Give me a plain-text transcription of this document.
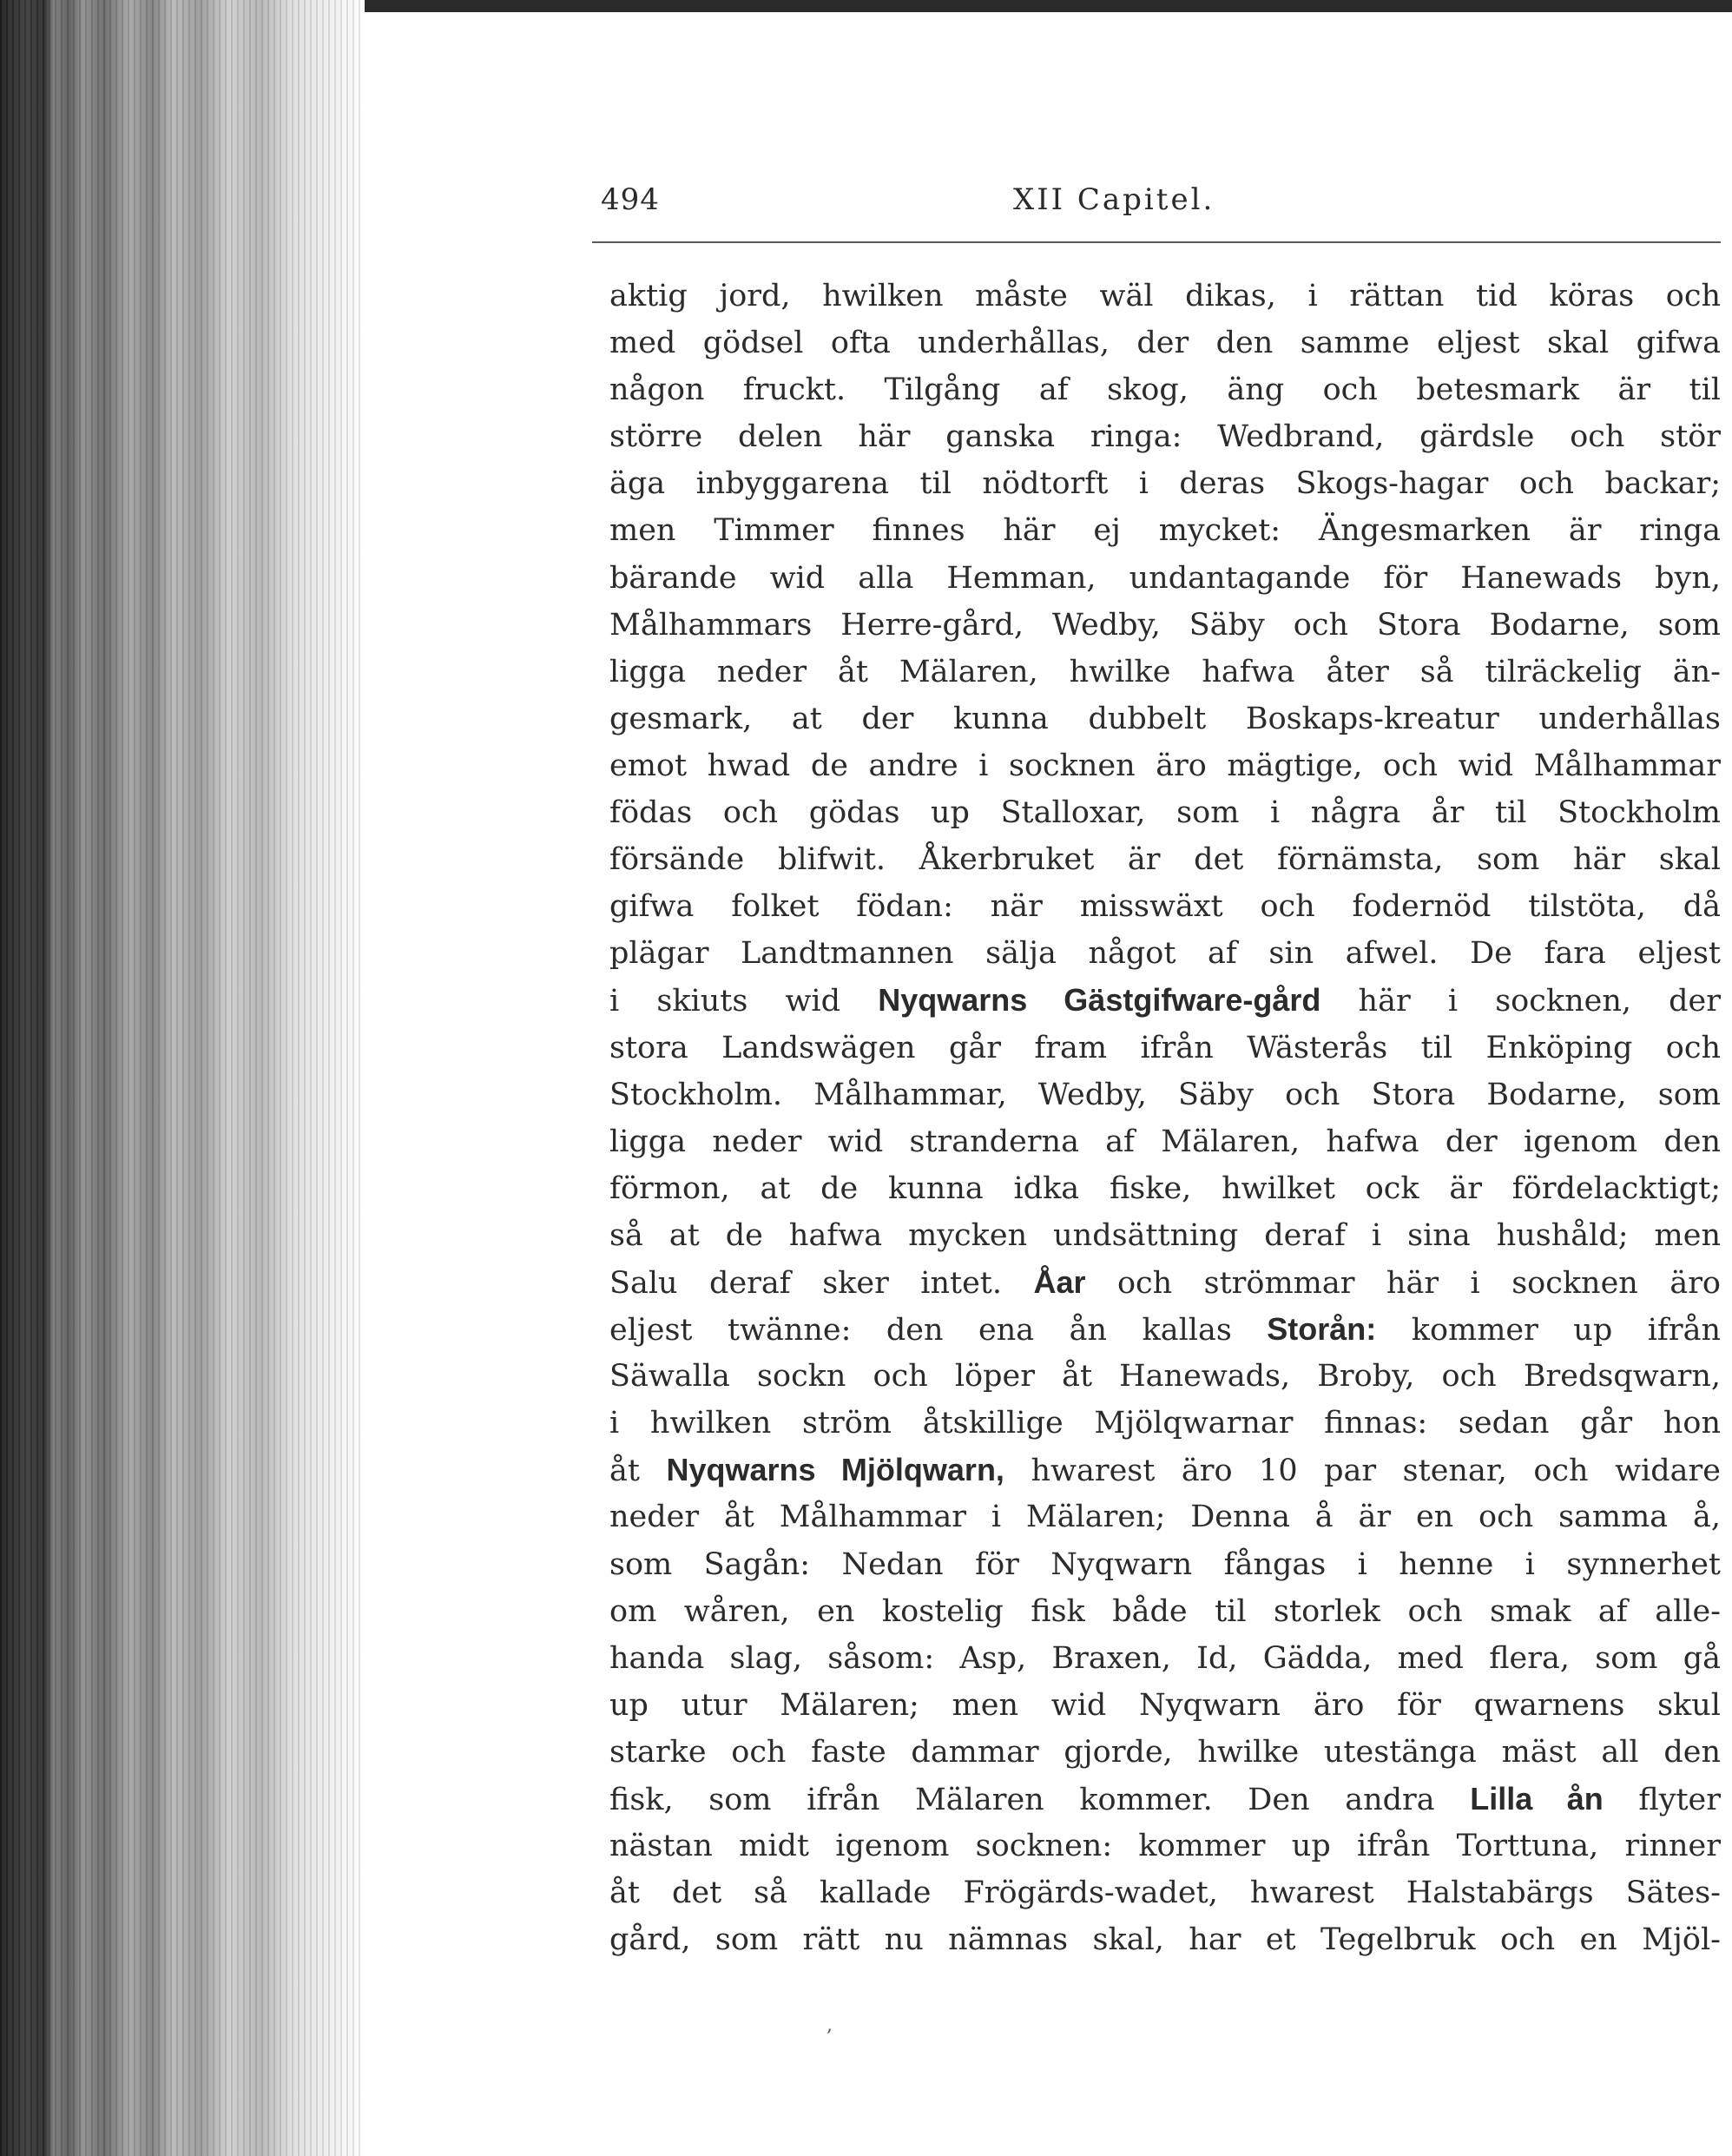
494	XII Capitel.
aktig jord, hwilken måste wäl dikas, i rättan tid köras och
med gödsel ofta underhållas, der den samme eljest skal gifwa
någon fruckt. Tilgång af skog, äng och betesmark är til
större delen här ganska ringa: Wedbrand, gärdsle och stör
äga inbyggarena til nödtorft i deras Skogs-hagar och backar;
men Timmer finnes här ej mycket: Ängesmarken är ringa
bärande wid alla Hemman, undantagande för Hanewads byn,
Målhammars Herre-gård, Wedby, Säby och Stora Bodarne, som
ligga neder åt Mälaren, hwilke hafwa åter så tilräckelig än-
gesmark, at der kunna dubbelt Boskaps-kreatur underhållas
emot hwad de andre i socknen äro mägtige, och wid Målhammar
födas och gödas up Stalloxar, som i några år til Stockholm
försände blifwit. Åkerbruket är det förnämsta, som här skal
gifwa folket födan: när misswäxt och fodernöd tilstöta, då
plägar Landtmannen sälja något af sin afwel. De fara eljest
i skiuts wid Nyqwarns Gästgifware-gård här i socknen, der
stora Landswägen går fram ifrån Wästerås til Enköping och
Stockholm. Målhammar, Wedby, Säby och Stora Bodarne, som
ligga neder wid stranderna af Mälaren, hafwa der igenom den
förmon, at de kunna idka fiske, hwilket ock är fördelacktigt;
så at de hafwa mycken undsättning deraf i sina hushåld; men
Salu deraf sker intet. Åar och strömmar här i socknen äro
eljest twänne: den ena ån kallas Storån: kommer up ifrån
Säwalla sockn och löper åt Hanewads, Broby, och Bredsqwarn,
i hwilken ström åtskillige Mjölqwarnar finnas: sedan går hon
åt Nyqwarns Mjölqwarn, hwarest äro 10 par stenar, och widare
neder åt Målhammar i Mälaren; Denna å är en och samma å,
som Sagån: Nedan för Nyqwarn fångas i henne i synnerhet
om wåren, en kostelig fisk både til storlek och smak af alle-
handa slag, såsom: Asp, Braxen, Id, Gädda, med flera, som gå
up utur Mälaren; men wid Nyqwarn äro för qwarnens skul
starke och faste dammar gjorde, hwilke utestänga mäst all den
fisk, som ifrån Mälaren kommer. Den andra Lilla ån flyter
nästan midt igenom socknen: kommer up ifrån Torttuna, rinner
åt det så kallade Frögärds-wadet, hwarest Halstabärgs Sätes-
gård, som rätt nu nämnas skal, har et Tegelbruk och en Mjöl-
,
